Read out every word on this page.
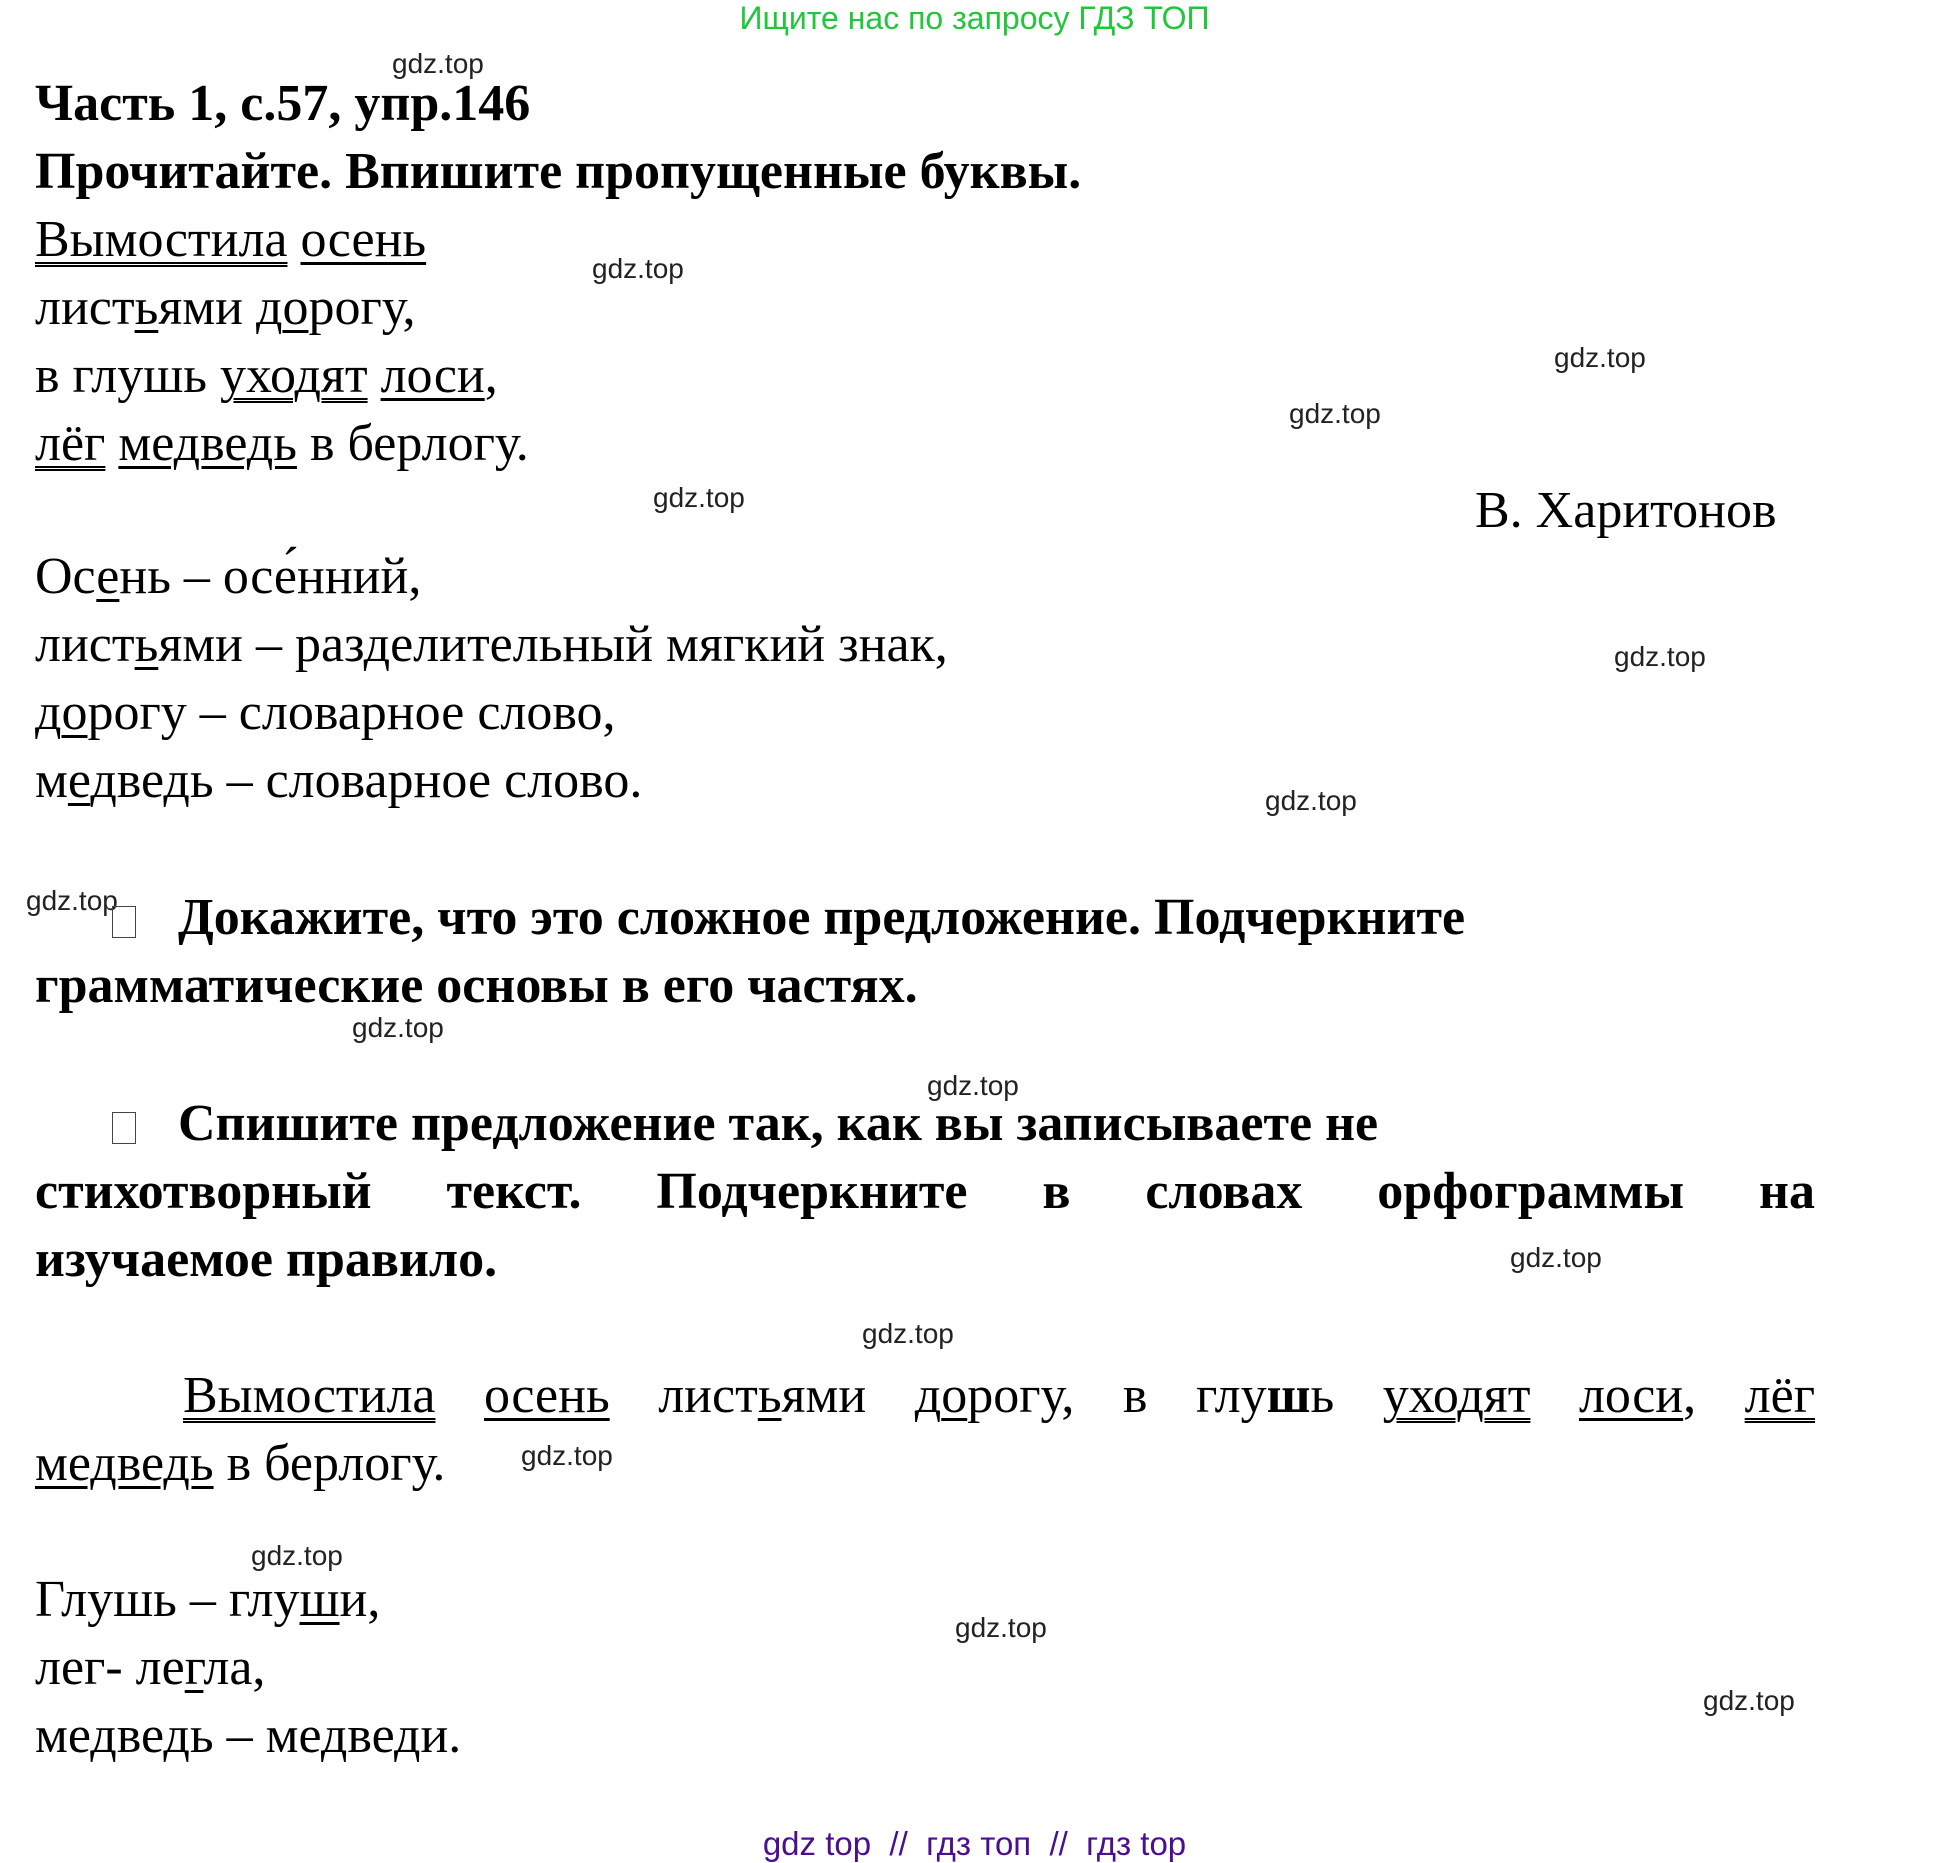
Ищите нас по запросу ГДЗ ТОП
gdz.top
gdz.top
gdz.top
gdz.top
gdz.top
gdz.top
gdz.top
gdz.top
gdz.top
gdz.top
gdz.top
gdz.top
gdz.top
gdz.top
gdz.top
gdz.top
Часть 1, с.57, упр.146
Прочитайте. Впишите пропущенные буквы.
Вымостила осень
листьями дорогу,
в глушь уходят лоси,
лёг медведь в берлогу.
В. Харитонов
Осень – осе́нний,
листьями – разделительный мягкий знак,
дорогу – словарное слово,
медведь – словарное слово.
Докажите, что это сложное предложение. Подчеркните
грамматические основы в его частях.
Спишите предложение так, как вы записываете не
стихотворный текст. Подчеркните в словах орфограммы на
изучаемое правило.
Вымостила осень листьями дорогу, в глушь уходят лоси, лёг
медведь в берлогу.
Глушь – глуши,
лег- легла,
медведь – медведи.
gdz top  //  гдз топ  //  гдз top
